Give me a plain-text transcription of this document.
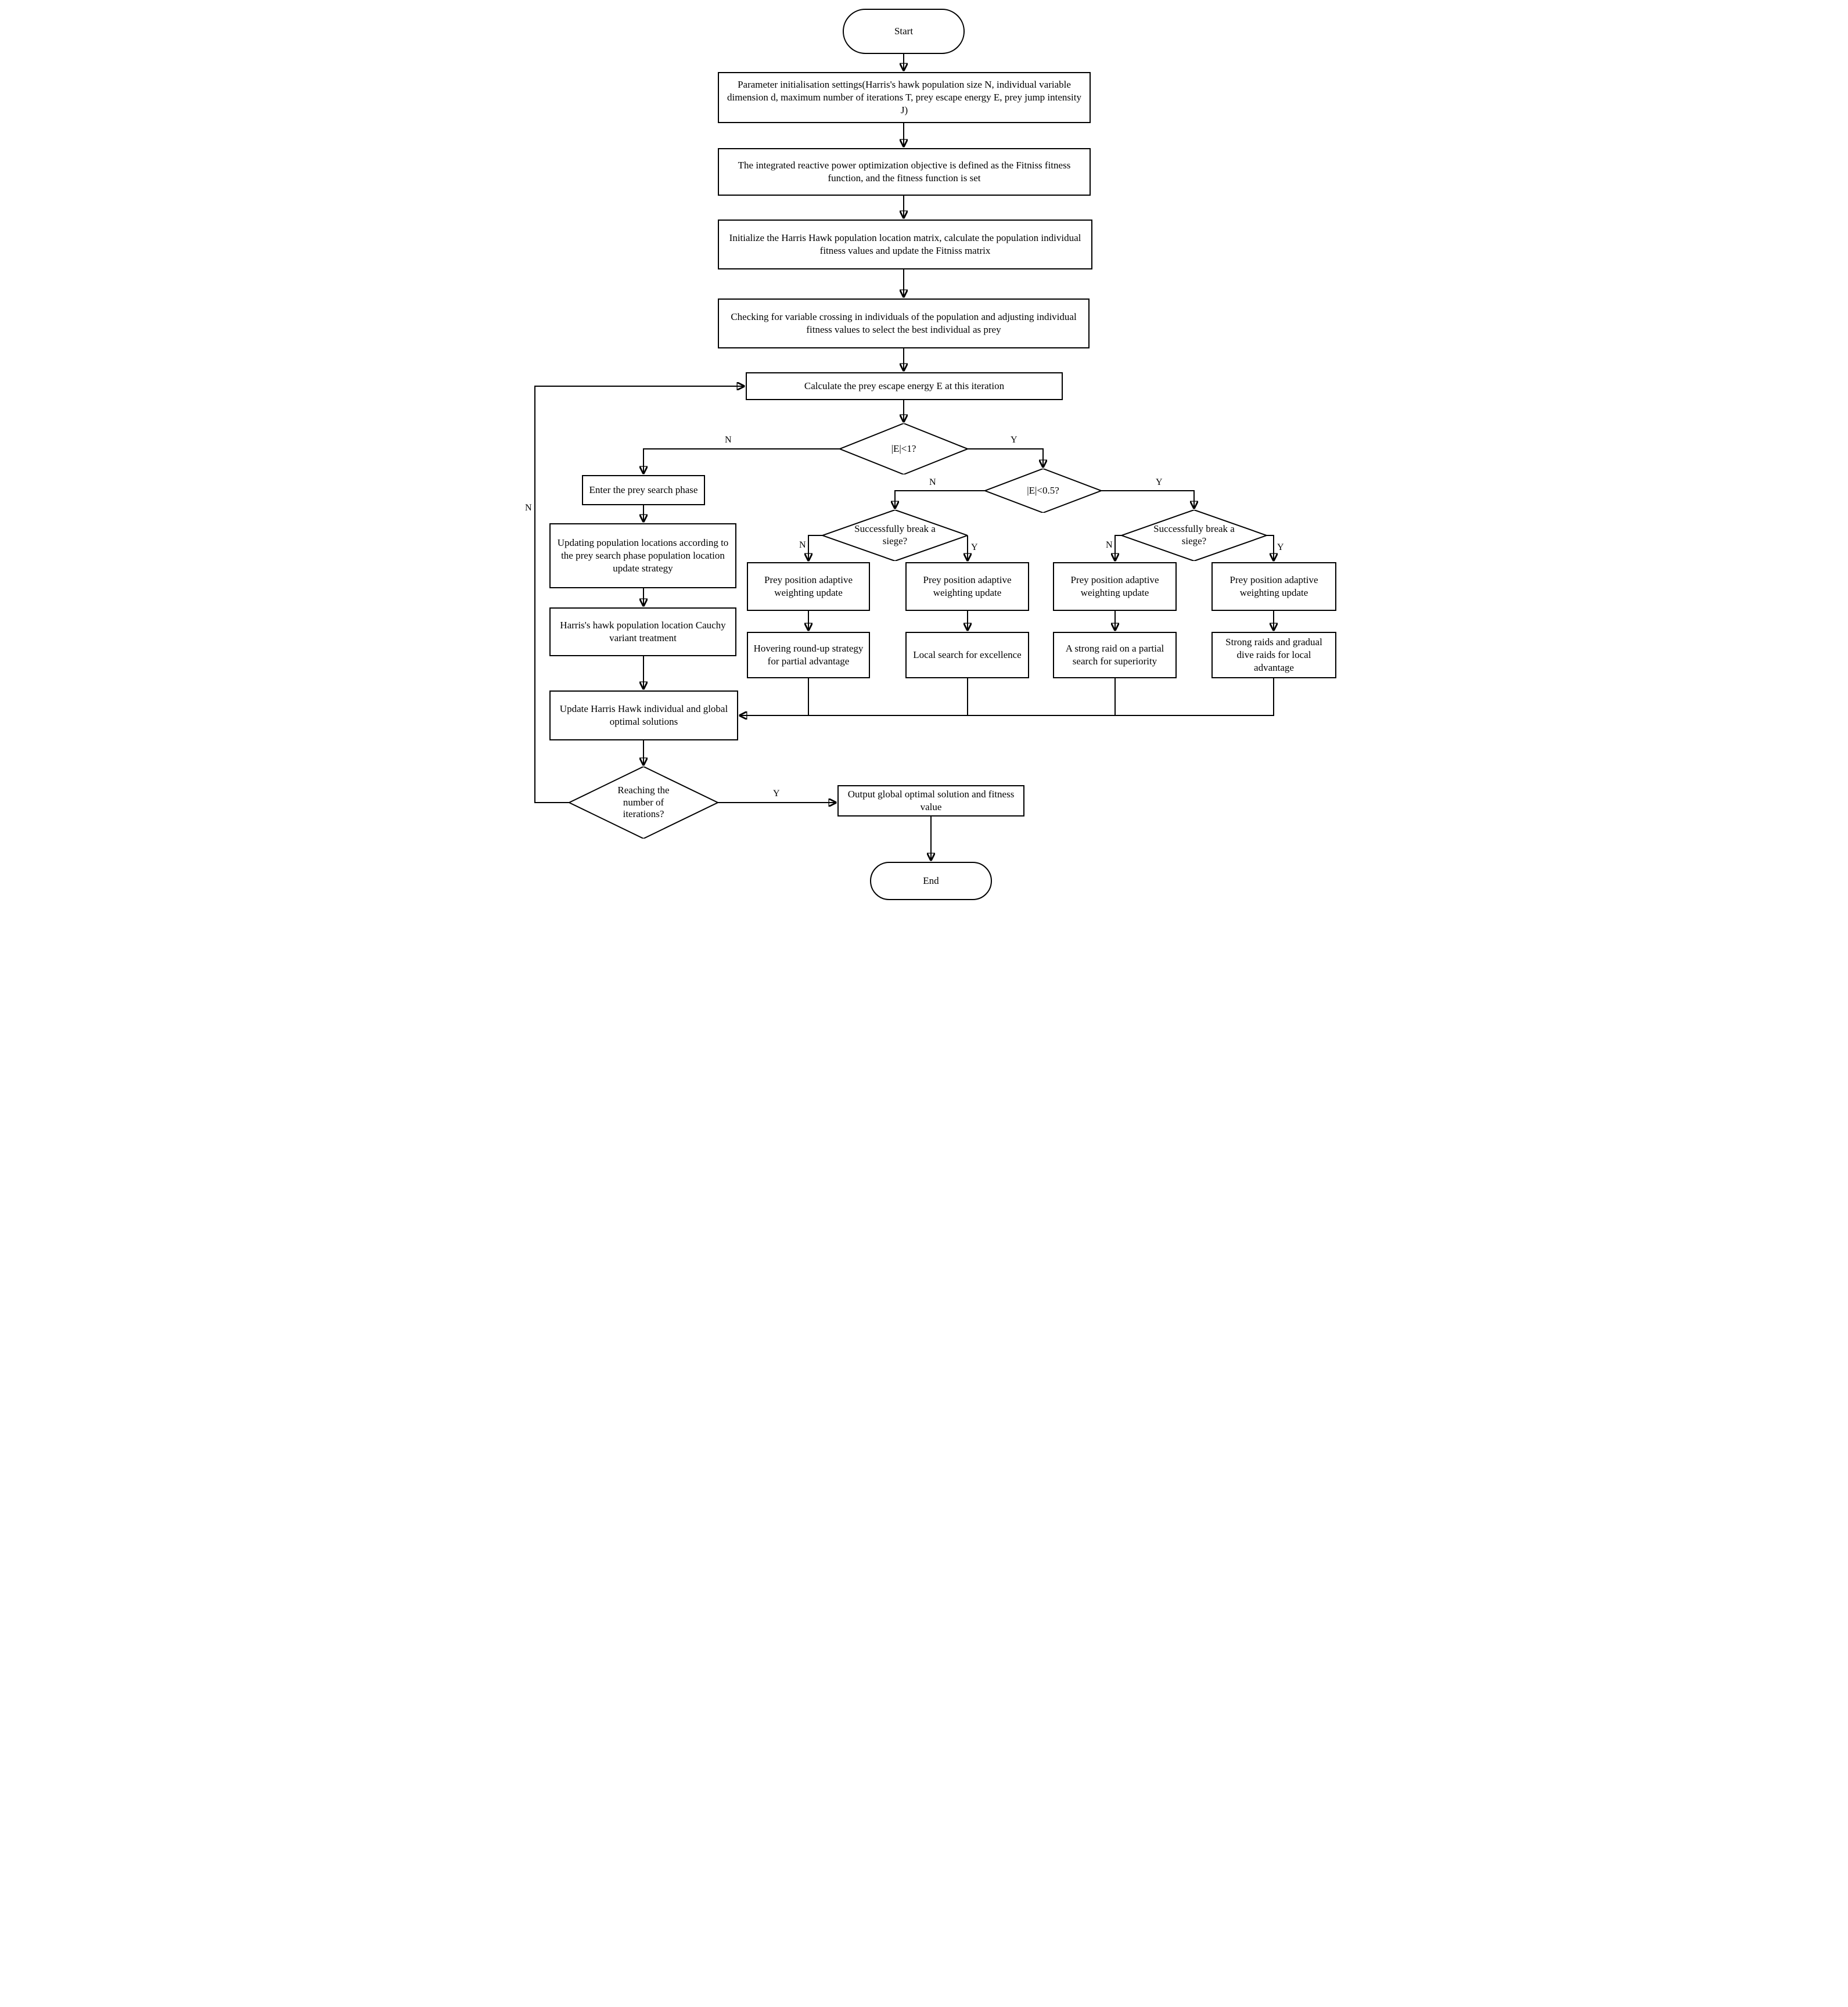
Start
Parameter initialisation settings(Harris's hawk population size N, individual variable dimension d, maximum number of iterations T, prey escape energy E, prey jump intensity J)
The integrated reactive power optimization objective is defined as the Fitniss fitness function, and the fitness function is set
Initialize the Harris Hawk population location matrix, calculate the population individual fitness values and update the Fitniss matrix
Checking for variable crossing in individuals of the population and adjusting individual fitness values to select the best individual as prey
Calculate the prey escape energy E at this iteration
|E|<1?
Enter the prey search phase
Updating population locations according to the prey search phase population location update strategy
Harris's hawk population location Cauchy variant treatment
Update Harris Hawk individual and global optimal solutions
Reaching the number of iterations?
Output global optimal solution and fitness value
End
|E|<0.5?
Successfully break a siege?
Successfully break a siege?
Prey position adaptive weighting update
Prey position adaptive weighting update
Prey position adaptive weighting update
Prey position adaptive weighting update
Hovering round-up strategy for partial advantage
Local search for excellence
A strong raid on a partial search for superiority
Strong raids and gradual dive raids for local advantage
N	Y
N	Y
N	Y	N	Y
Y
N
